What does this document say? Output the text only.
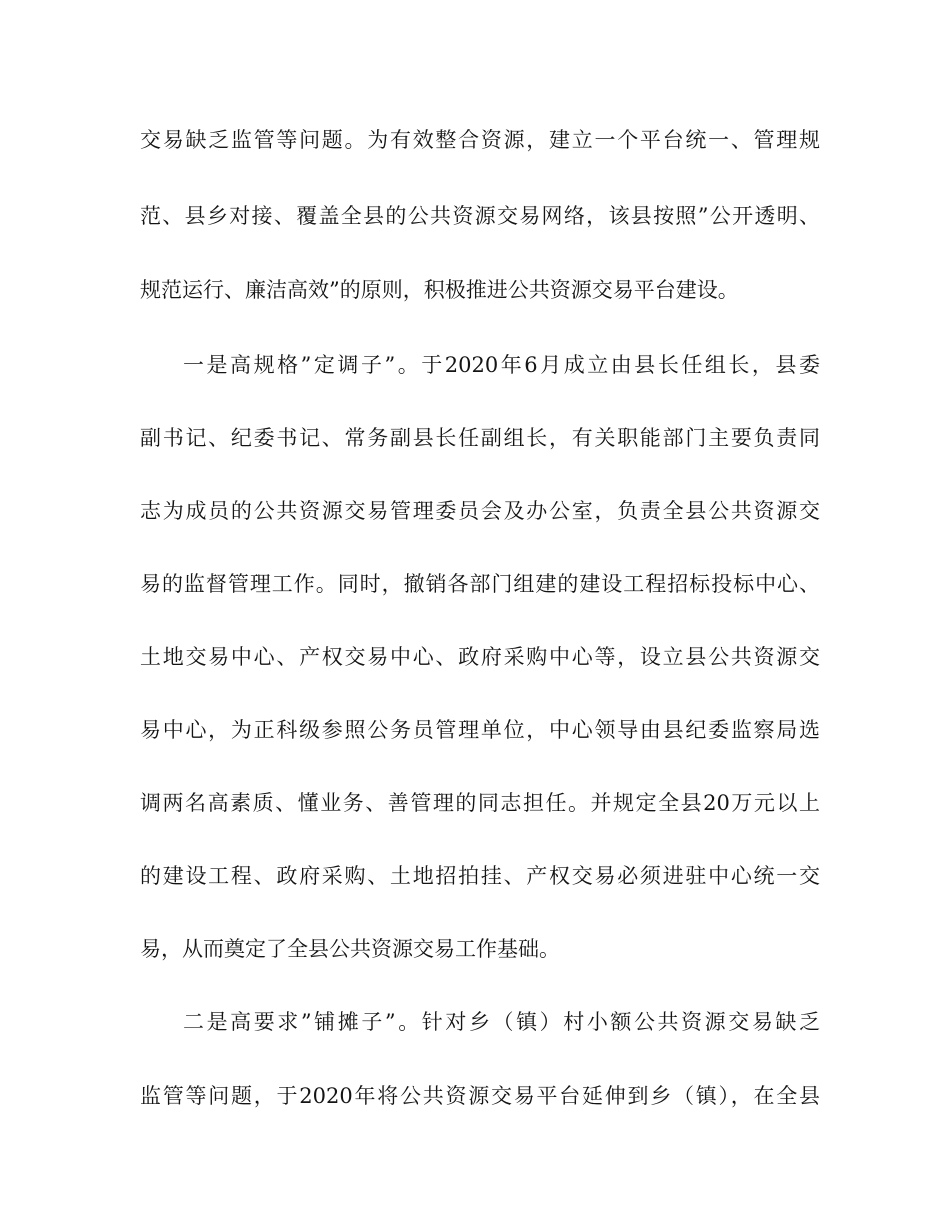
交易缺乏监管等问题。为有效整合资源，建立一个平台统一、管理规
范、县乡对接、覆盖全县的公共资源交易网络，该县按照”公开透明、
规范运行、廉洁高效”的原则，积极推进公共资源交易平台建设。
一是高规格”定调子”。于2020年6月成立由县长任组长，县委
副书记、纪委书记、常务副县长任副组长，有关职能部门主要负责同
志为成员的公共资源交易管理委员会及办公室，负责全县公共资源交
易的监督管理工作。同时，撤销各部门组建的建设工程招标投标中心、
土地交易中心、产权交易中心、政府采购中心等，设立县公共资源交
易中心，为正科级参照公务员管理单位，中心领导由县纪委监察局选
调两名高素质、懂业务、善管理的同志担任。并规定全县20万元以上
的建设工程、政府采购、土地招拍挂、产权交易必须进驻中心统一交
易，从而奠定了全县公共资源交易工作基础。
二是高要求”铺摊子”。针对乡（镇）村小额公共资源交易缺乏
监管等问题，于2020年将公共资源交易平台延伸到乡（镇），在全县
